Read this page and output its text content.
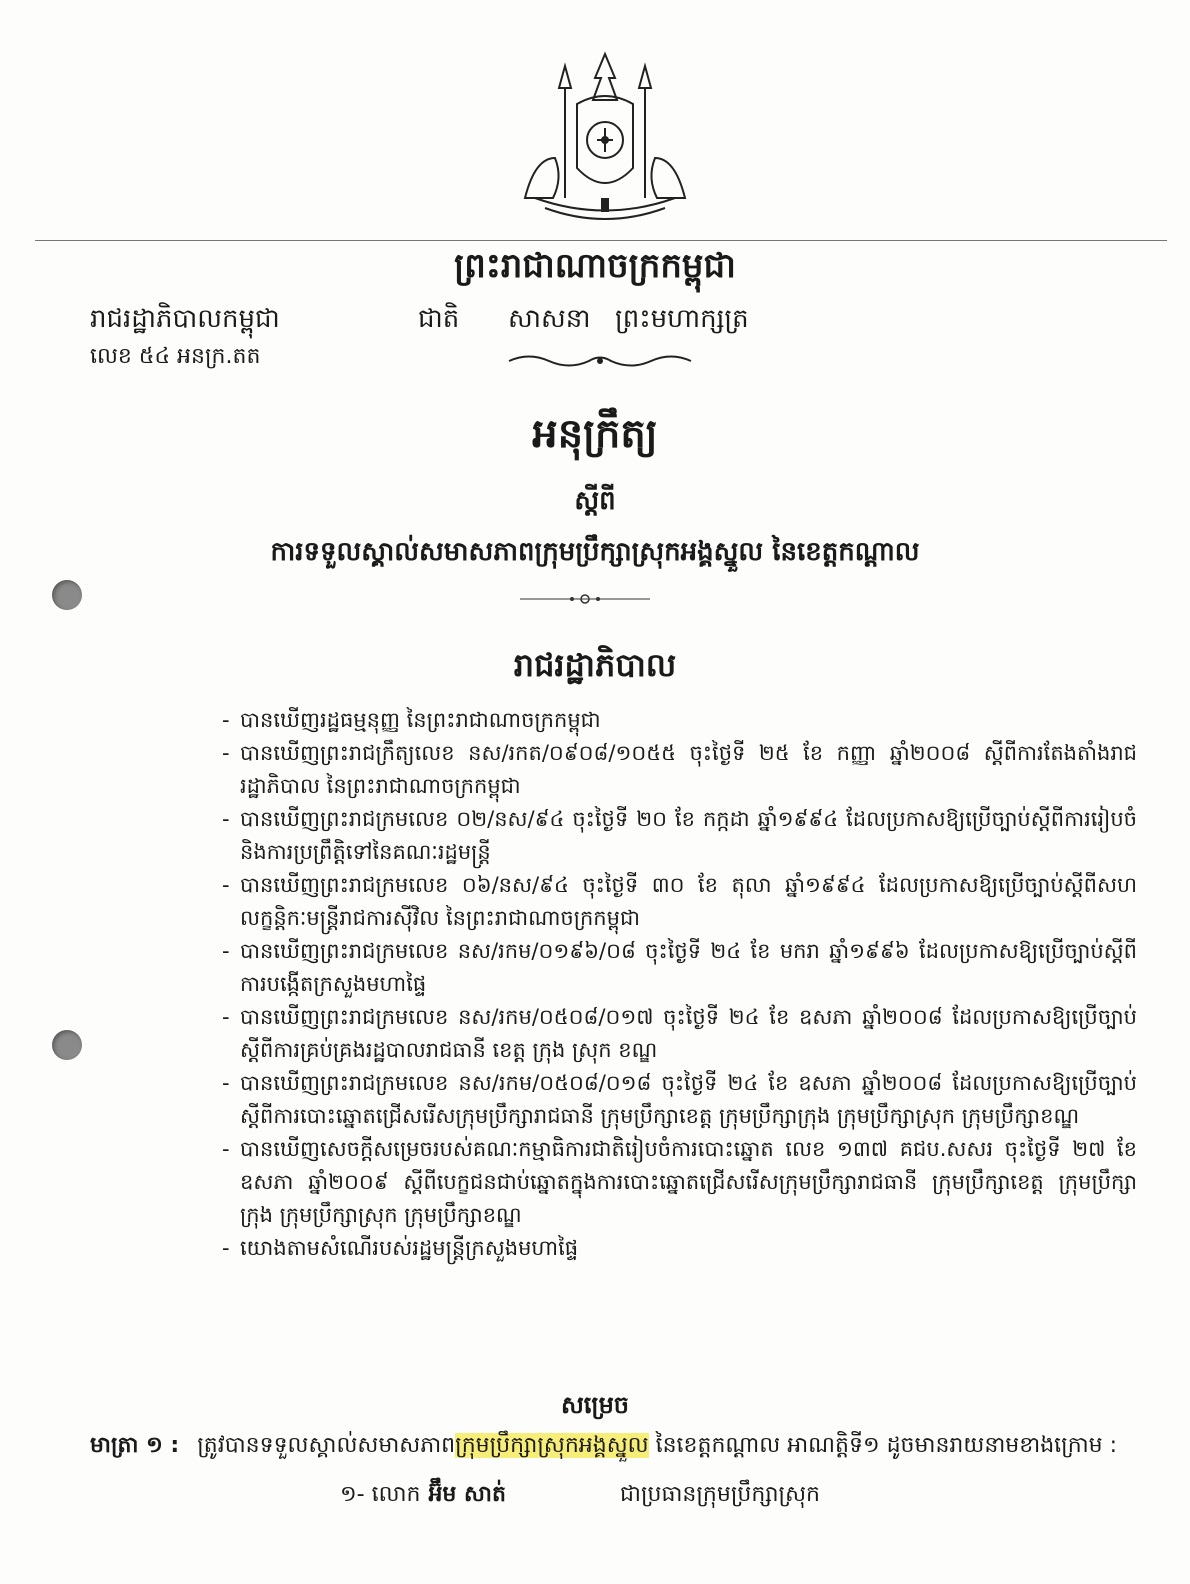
ព្រះរាជាណាចក្រកម្ពុជា
រាជរដ្ឋាភិបាលកម្ពុជា	ជាតិ សាសនា ព្រះមហាក្សត្រ
លេខ ៥៤ អនក្រ.តត
អនុក្រឹត្យ
ស្តីពី
ការទទួលស្គាល់សមាសភាពក្រុមប្រឹក្សាស្រុកអង្គស្នួល នៃខេត្តកណ្តាល
រាជរដ្ឋាភិបាល
- បានឃើញរដ្ឋធម្មនុញ្ញ នៃព្រះរាជាណាចក្រកម្ពុជា
- បានឃើញព្រះរាជក្រឹត្យលេខ នស/រកត/០៩០៨/១០៥៥ ចុះថ្ងៃទី ២៥ ខែ កញ្ញា ឆ្នាំ២០០៨ ស្តីពីការតែងតាំងរាជរដ្ឋាភិបាល នៃព្រះរាជាណាចក្រកម្ពុជា
- បានឃើញព្រះរាជក្រមលេខ ០២/នស/៩៤ ចុះថ្ងៃទី ២០ ខែ កក្កដា ឆ្នាំ១៩៩៤ ដែលប្រកាសឱ្យប្រើច្បាប់ស្តីពីការរៀបចំ និងការប្រព្រឹត្តិទៅនៃគណៈរដ្ឋមន្ត្រី
- បានឃើញព្រះរាជក្រមលេខ ០៦/នស/៩៤ ចុះថ្ងៃទី ៣០ ខែ តុលា ឆ្នាំ១៩៩៤ ដែលប្រកាសឱ្យប្រើច្បាប់ស្តីពីសហលក្ខន្តិកៈមន្ត្រីរាជការស៊ីវិល នៃព្រះរាជាណាចក្រកម្ពុជា
- បានឃើញព្រះរាជក្រមលេខ នស/រកម/០១៩៦/០៨ ចុះថ្ងៃទី ២៤ ខែ មករា ឆ្នាំ១៩៩៦ ដែលប្រកាសឱ្យប្រើច្បាប់ស្តីពីការបង្កើតក្រសួងមហាផ្ទៃ
- បានឃើញព្រះរាជក្រមលេខ នស/រកម/០៥០៨/០១៧ ចុះថ្ងៃទី ២៤ ខែ ឧសភា ឆ្នាំ២០០៨ ដែលប្រកាសឱ្យប្រើច្បាប់ស្តីពីការគ្រប់គ្រងរដ្ឋបាលរាជធានី ខេត្ត ក្រុង ស្រុក ខណ្ឌ
- បានឃើញព្រះរាជក្រមលេខ នស/រកម/០៥០៨/០១៨ ចុះថ្ងៃទី ២៤ ខែ ឧសភា ឆ្នាំ២០០៨ ដែលប្រកាសឱ្យប្រើច្បាប់ស្តីពីការបោះឆ្នោតជ្រើសរើសក្រុមប្រឹក្សារាជធានី ក្រុមប្រឹក្សាខេត្ត ក្រុមប្រឹក្សាក្រុង ក្រុមប្រឹក្សាស្រុក ក្រុមប្រឹក្សាខណ្ឌ
- បានឃើញសេចក្តីសម្រេចរបស់គណៈកម្មាធិការជាតិរៀបចំការបោះឆ្នោត លេខ ១៣៧ គជប.សសរ ចុះថ្ងៃទី ២៧ ខែ ឧសភា ឆ្នាំ២០០៩ ស្តីពីបេក្ខជនជាប់ឆ្នោតក្នុងការបោះឆ្នោតជ្រើសរើសក្រុមប្រឹក្សារាជធានី ក្រុមប្រឹក្សាខេត្ត ក្រុមប្រឹក្សាក្រុង ក្រុមប្រឹក្សាស្រុក ក្រុមប្រឹក្សាខណ្ឌ
- យោងតាមសំណើរបស់រដ្ឋមន្ត្រីក្រសួងមហាផ្ទៃ
សម្រេច
មាត្រា ១ : ត្រូវបានទទួលស្គាល់សមាសភាពក្រុមប្រឹក្សាស្រុកអង្គស្នួល នៃខេត្តកណ្តាល អាណត្តិទី១ ដូចមានរាយនាមខាងក្រោម :
១- លោក អ៊ឹម សាត់	ជាប្រធានក្រុមប្រឹក្សាស្រុក
